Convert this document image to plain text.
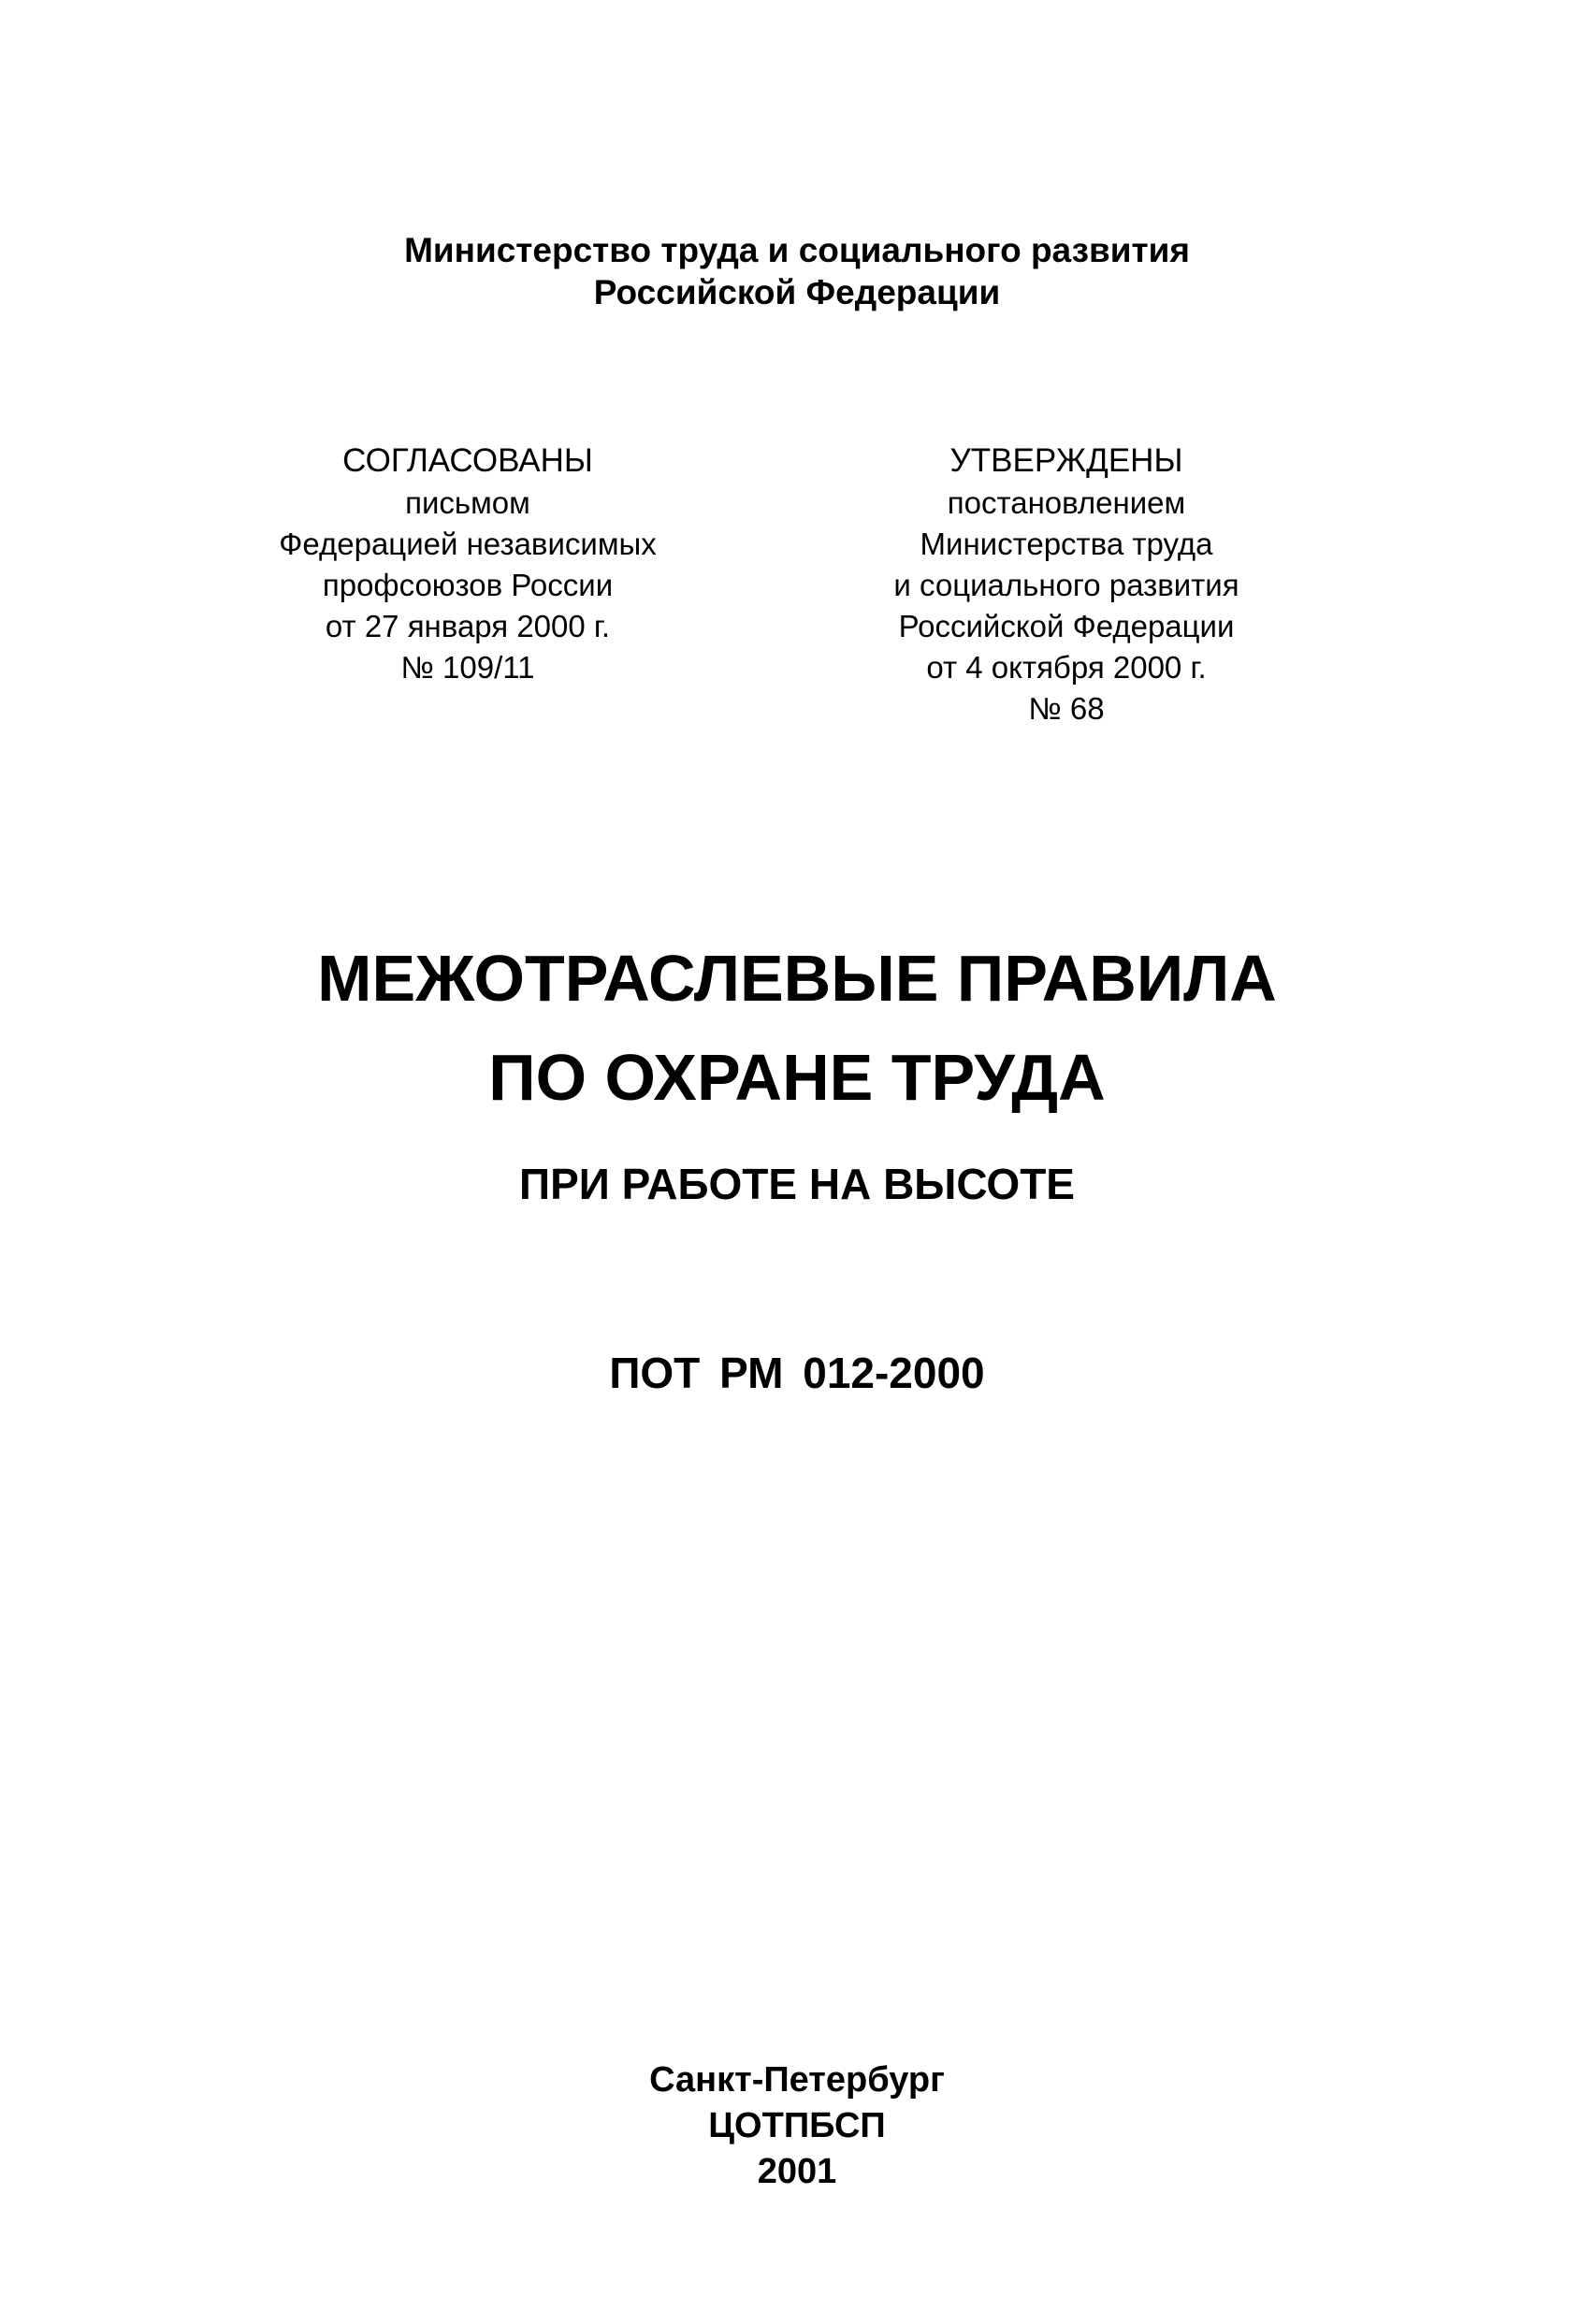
Министерство труда и социального развития
Российской Федерации
СОГЛАСОВАНЫ
письмом
Федерацией независимых
профсоюзов России
от 27 января 2000 г.
№ 109/11
УТВЕРЖДЕНЫ
постановлением
Министерства труда
и социального развития
Российской Федерации
от 4 октября 2000 г.
№ 68
МЕЖОТРАСЛЕВЫЕ ПРАВИЛА
ПО ОХРАНЕ ТРУДА
ПРИ РАБОТЕ НА ВЫСОТЕ
ПОТ РМ 012-2000
Санкт-Петербург
ЦОТПБСП
2001
